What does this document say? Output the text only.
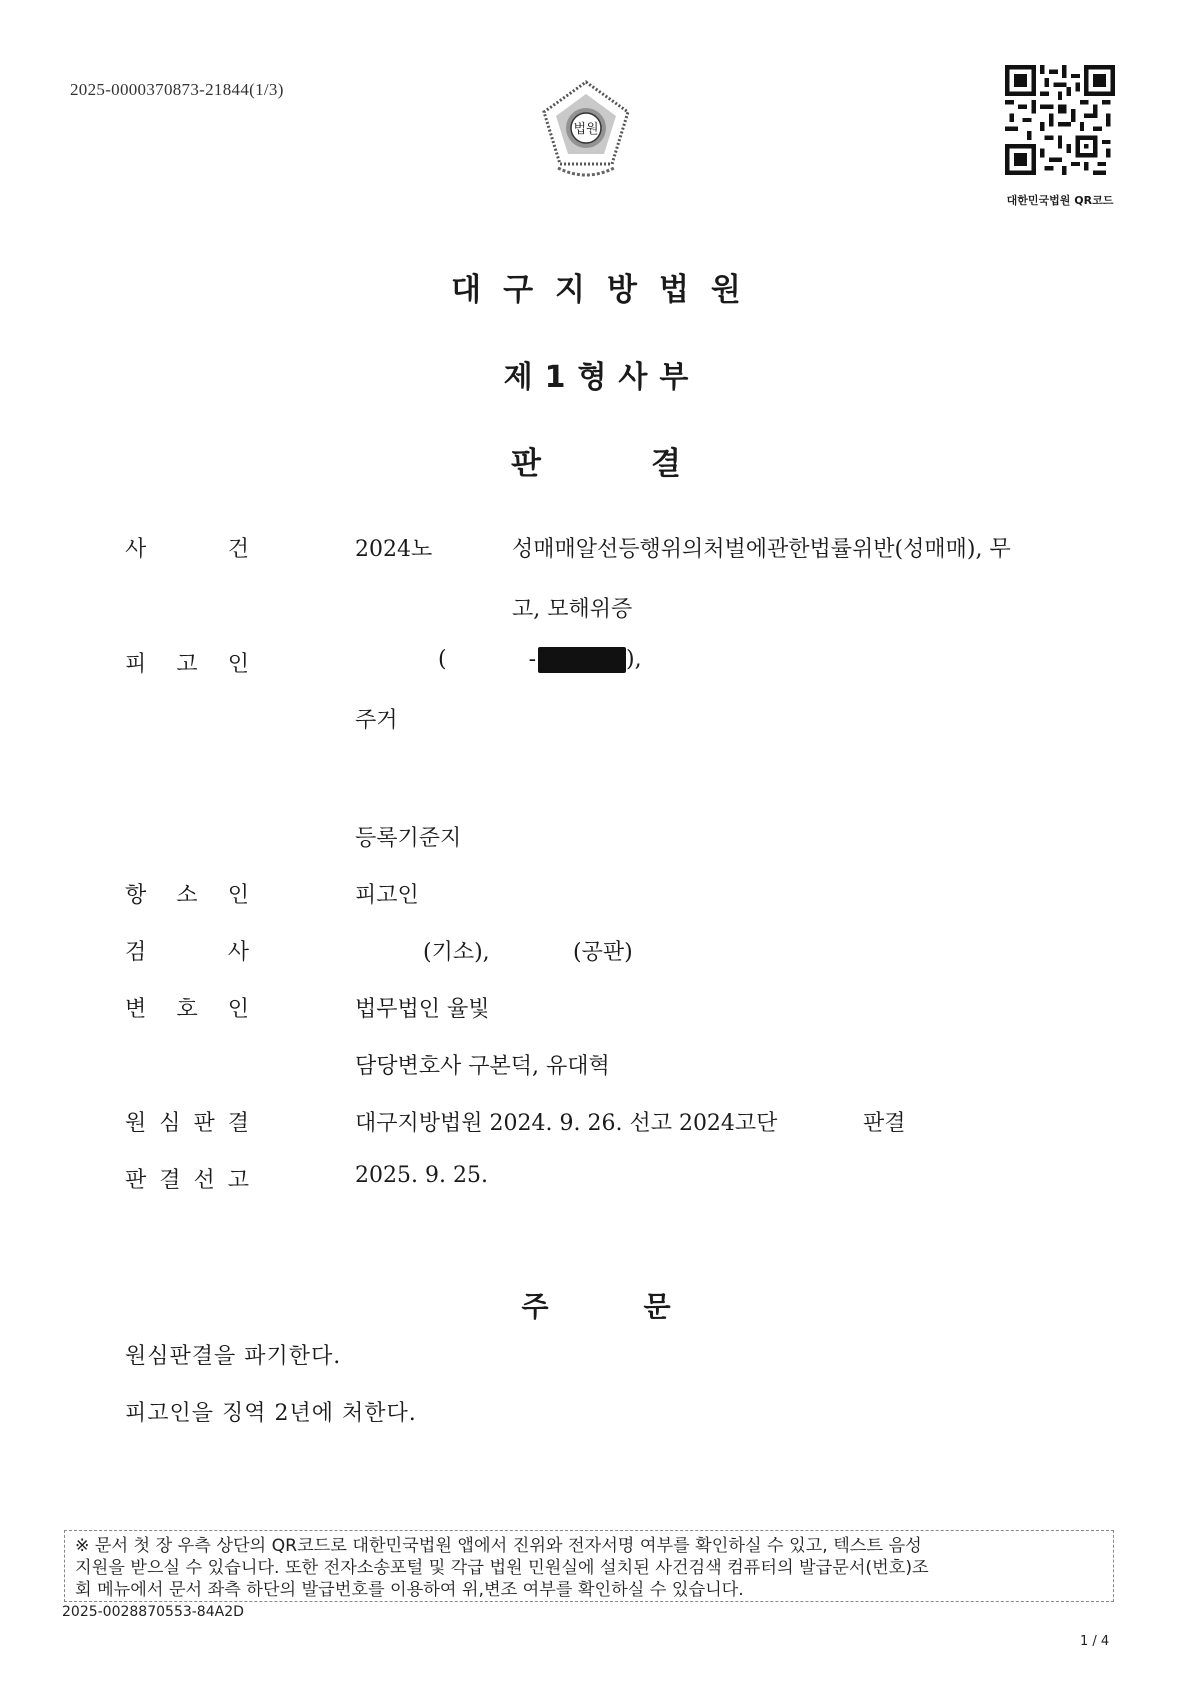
2025-0000370873-21844(1/3)
법원
대한민국법원 QR코드
대구지방법원
제1형사부
판	결
사	건	2024노	성매매알선등행위의처벌에관한법률위반(성매매), 무
고, 모해위증
피 고 인	(	-	),
주거
등록기준지
항 소 인	피고인
검	사	(기소),	(공판)
변 호 인	법무법인 율빛
담당변호사 구본덕, 유대혁
원 심 판 결	대구지방법원 2024. 9. 26. 선고 2024고단	판결
판 결 선 고	2025. 9. 25.
주	문
원심판결을 파기한다.
피고인을 징역 2년에 처한다.
※ 문서 첫 장 우측 상단의 QR코드로 대한민국법원 앱에서 진위와 전자서명 여부를 확인하실 수 있고, 텍스트 음성
지원을 받으실 수 있습니다. 또한 전자소송포털 및 각급 법원 민원실에 설치된 사건검색 컴퓨터의 발급문서(번호)조
회 메뉴에서 문서 좌측 하단의 발급번호를 이용하여 위,변조 여부를 확인하실 수 있습니다.
2025-0028870553-84A2D
1 / 4
